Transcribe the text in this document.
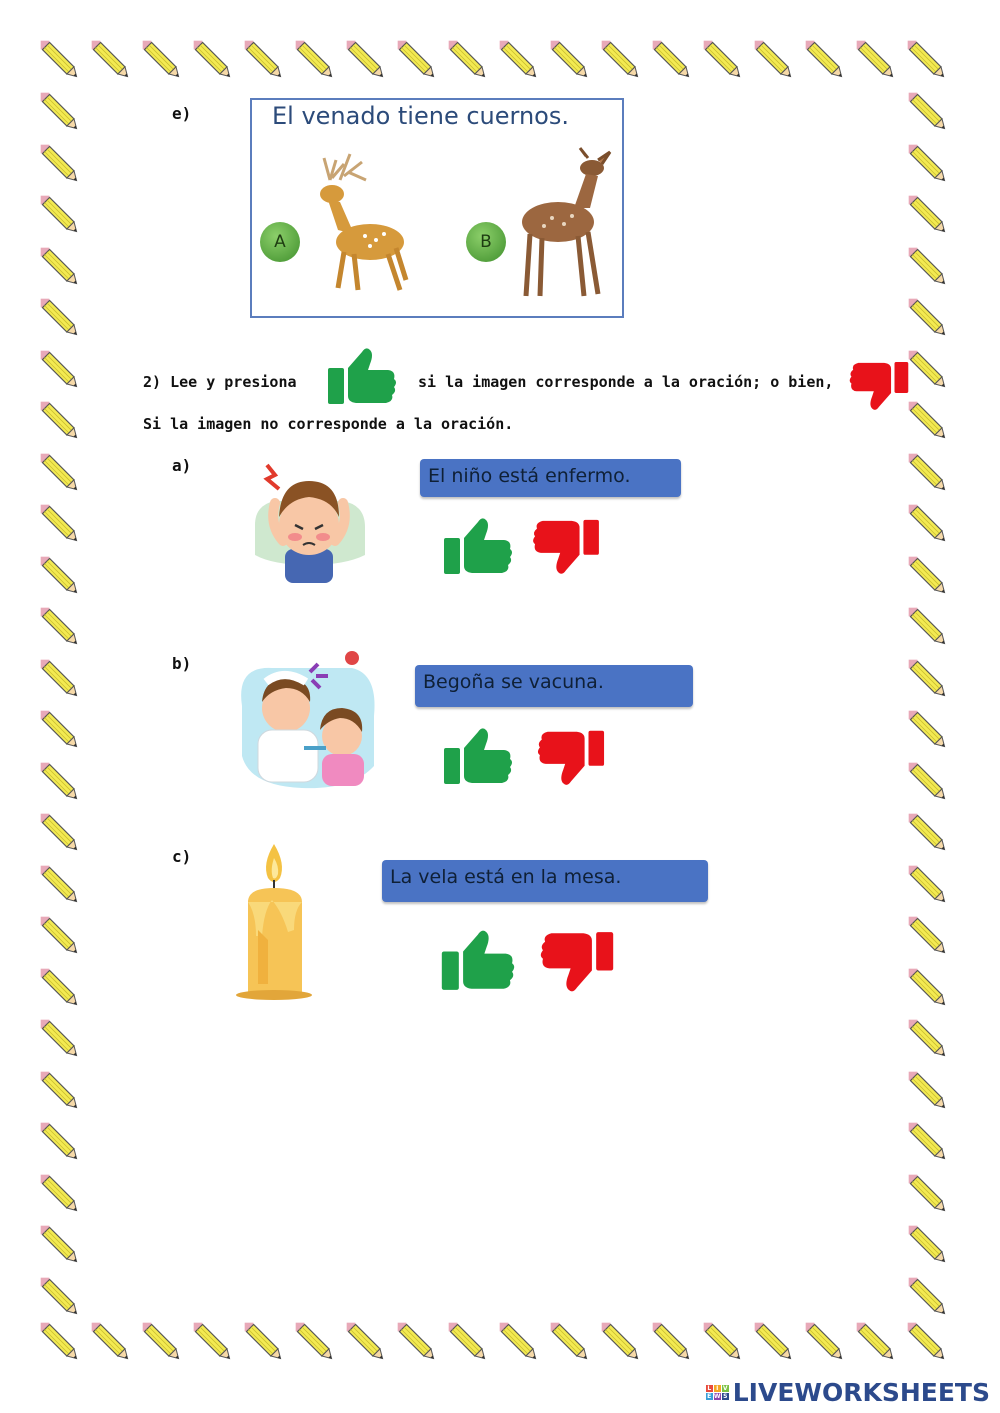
e)	El venado tiene cuernos.
A	B
2) Lee y presiona	si la imagen corresponde a la oración; o bien,
Si la imagen no corresponde a la oración.
a)	El niño está enfermo.
b)
Begoña se vacuna.
c)
La vela está en la mesa.
L I V
E W S LIVEWORKSHEETS
